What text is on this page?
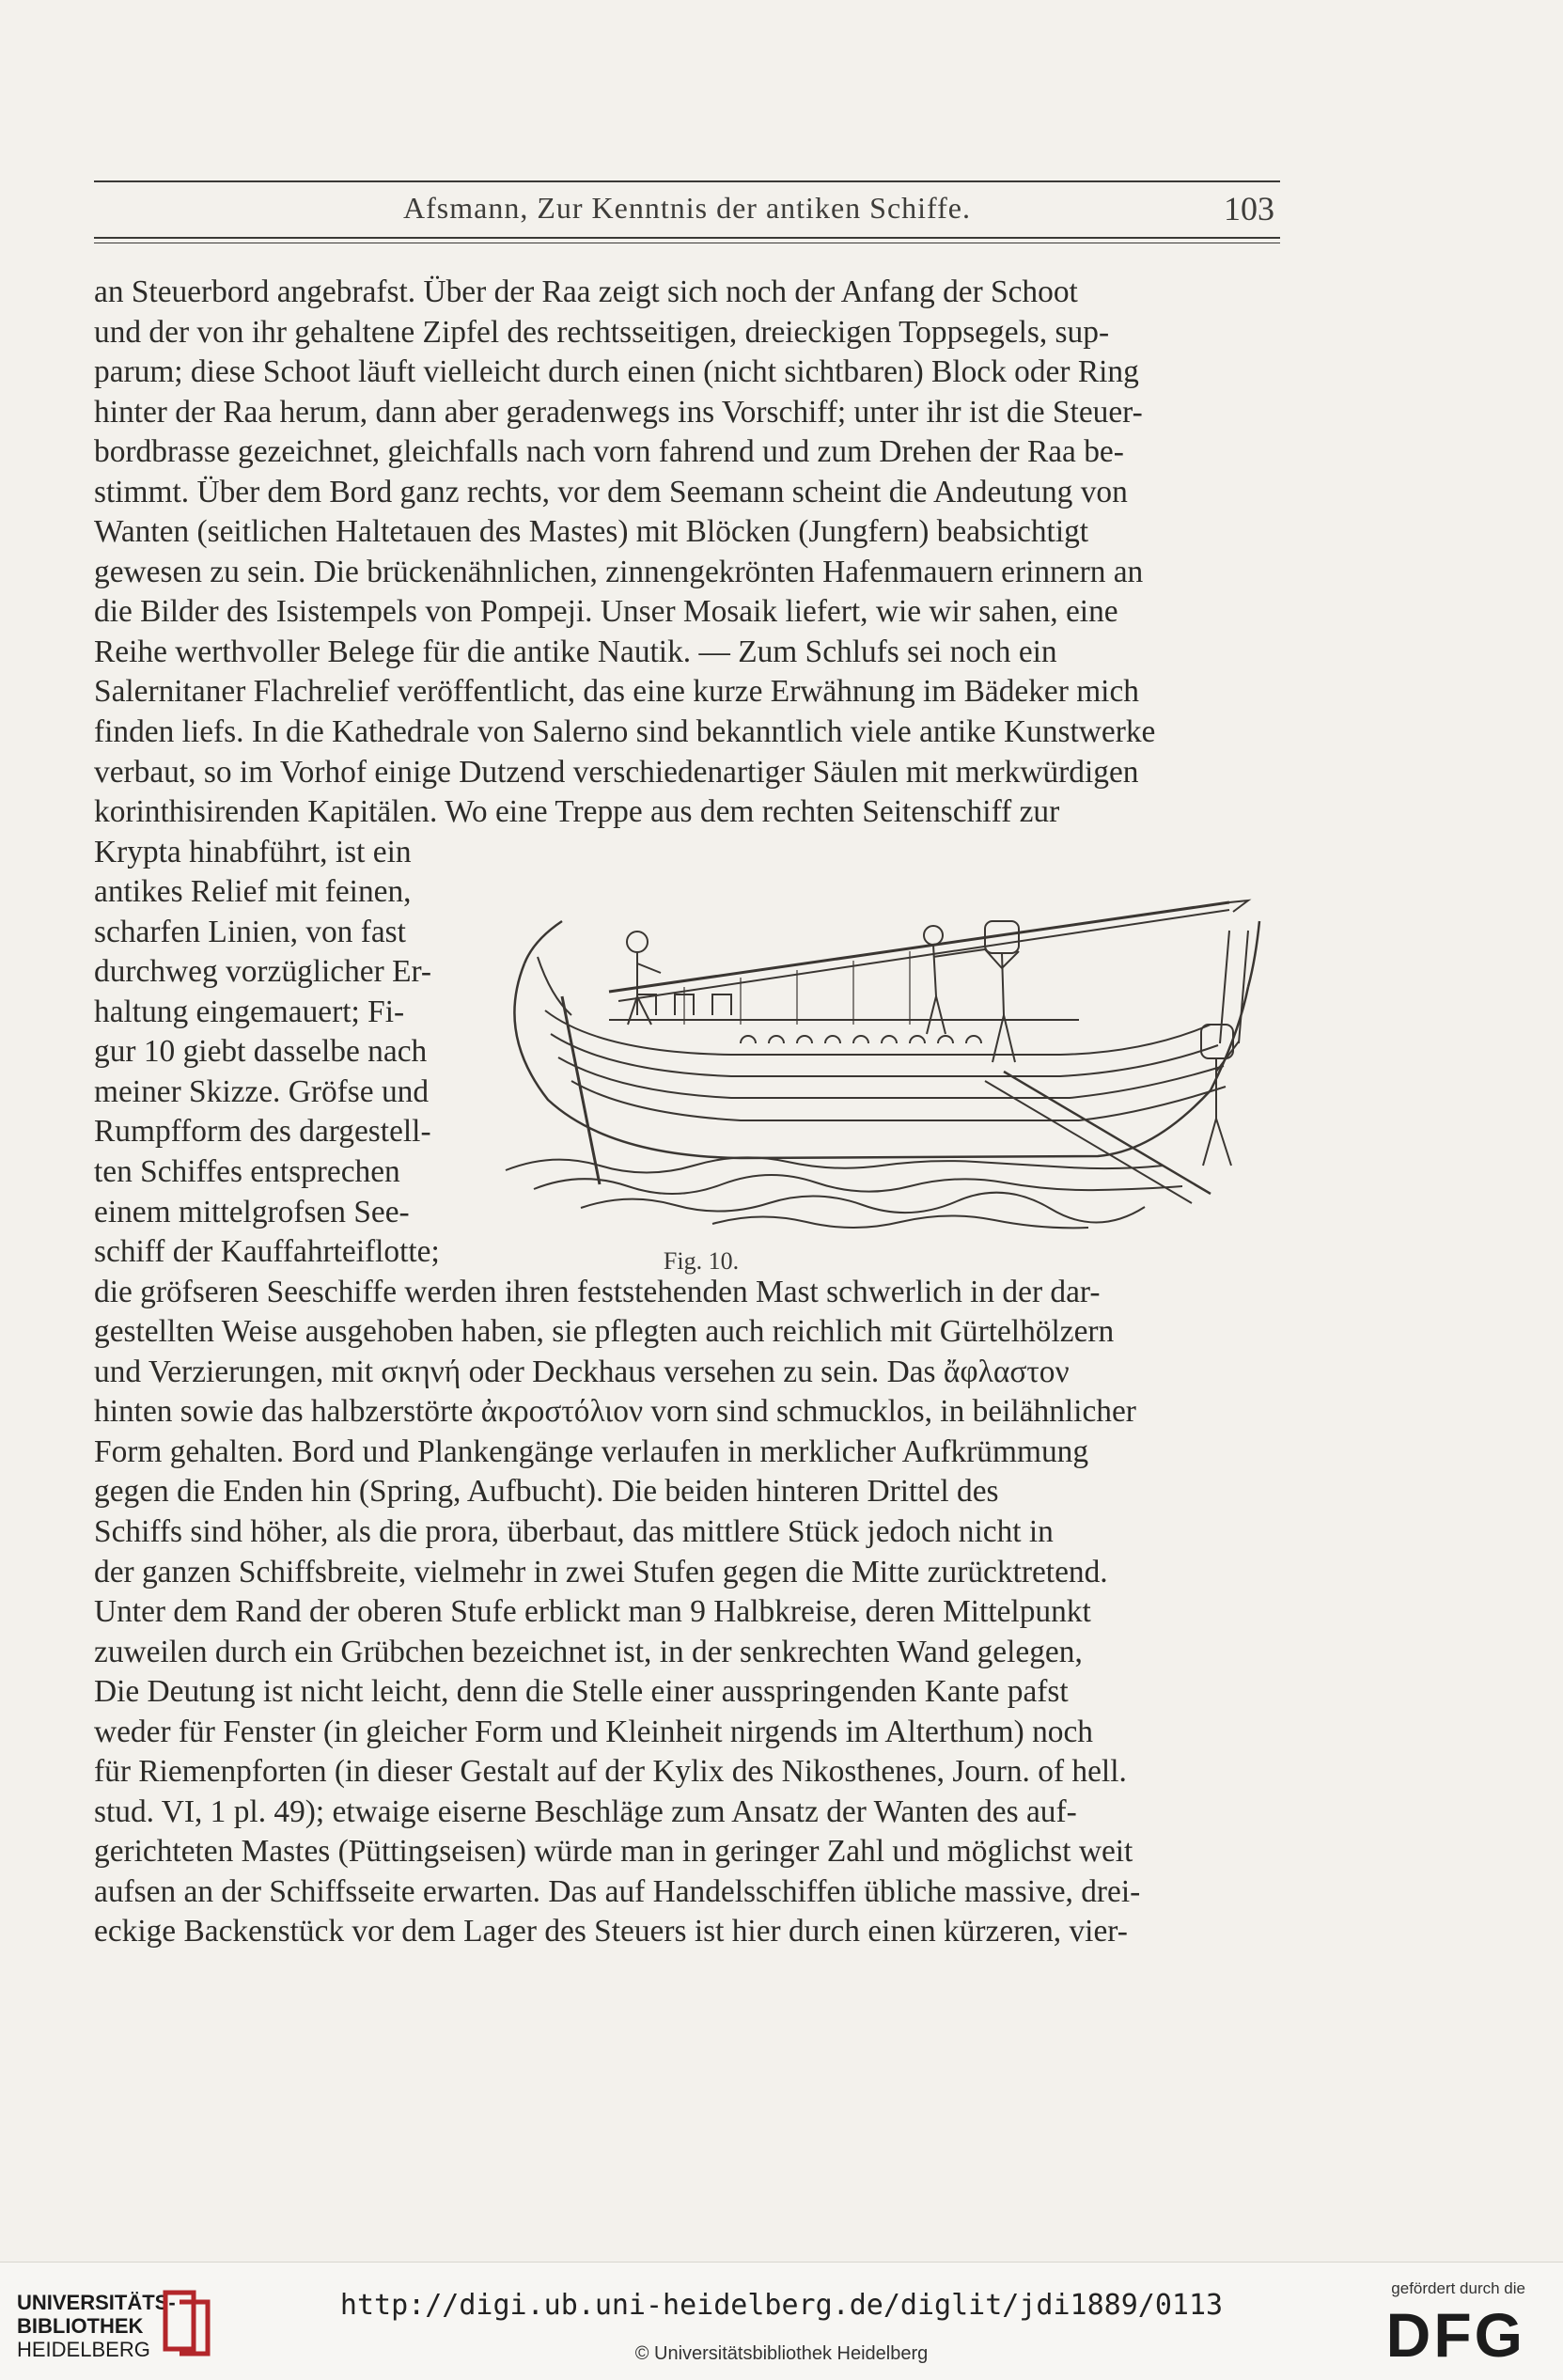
Afsmann, Zur Kenntnis der antiken Schiffe.	103

an Steuerbord angebrafst. Über der Raa zeigt sich noch der Anfang der Schoot

und der von ihr gehaltene Zipfel des rechtsseitigen, dreieckigen Toppsegels, sup-

parum; diese Schoot läuft vielleicht durch einen (nicht sichtbaren) Block oder Ring

hinter der Raa herum, dann aber geradenwegs ins Vorschiff; unter ihr ist die Steuer-

bordbrasse gezeichnet, gleichfalls nach vorn fahrend und zum Drehen der Raa be-

stimmt. Über dem Bord ganz rechts, vor dem Seemann scheint die Andeutung von

Wanten (seitlichen Haltetauen des Mastes) mit Blöcken (Jungfern) beabsichtigt

gewesen zu sein. Die brückenähnlichen, zinnengekrönten Hafenmauern erinnern an

die Bilder des Isistempels von Pompeji. Unser Mosaik liefert, wie wir sahen, eine

Reihe werthvoller Belege für die antike Nautik. — Zum Schlufs sei noch ein

Salernitaner Flachrelief veröffentlicht, das eine kurze Erwähnung im Bädeker mich

finden liefs. In die Kathedrale von Salerno sind bekanntlich viele antike Kunstwerke

verbaut, so im Vorhof einige Dutzend verschiedenartiger Säulen mit merkwürdigen

korinthisirenden Kapitälen. Wo eine Treppe aus dem rechten Seitenschiff zur

Krypta hinabführt, ist ein

antikes Relief mit feinen,

scharfen Linien, von fast

durchweg vorzüglicher Er-

haltung eingemauert; Fi-

gur 10 giebt dasselbe nach

meiner Skizze. Gröfse und

Rumpfform des dargestell-

ten Schiffes entsprechen

einem mittelgrofsen See-

schiff der Kauffahrteiflotte;

die gröfseren Seeschiffe werden ihren feststehenden Mast schwerlich in der dar-

gestellten Weise ausgehoben haben, sie pflegten auch reichlich mit Gürtelhölzern

und Verzierungen, mit σκηνή oder Deckhaus versehen zu sein. Das ἄφλαστον

hinten sowie das halbzerstörte ἀκροστόλιον vorn sind schmucklos, in beilähnlicher

Form gehalten. Bord und Plankengänge verlaufen in merklicher Aufkrümmung

gegen die Enden hin (Spring, Aufbucht). Die beiden hinteren Drittel des

Schiffs sind höher, als die prora, überbaut, das mittlere Stück jedoch nicht in

der ganzen Schiffsbreite, vielmehr in zwei Stufen gegen die Mitte zurücktretend.

Unter dem Rand der oberen Stufe erblickt man 9 Halbkreise, deren Mittelpunkt

zuweilen durch ein Grübchen bezeichnet ist, in der senkrechten Wand gelegen,

Die Deutung ist nicht leicht, denn die Stelle einer ausspringenden Kante pafst

weder für Fenster (in gleicher Form und Kleinheit nirgends im Alterthum) noch

für Riemenpforten (in dieser Gestalt auf der Kylix des Nikosthenes, Journ. of hell.

stud. VI, 1 pl. 49); etwaige eiserne Beschläge zum Ansatz der Wanten des auf-

gerichteten Mastes (Püttingseisen) würde man in geringer Zahl und möglichst weit

aufsen an der Schiffsseite erwarten. Das auf Handelsschiffen übliche massive, drei-

eckige Backenstück vor dem Lager des Steuers ist hier durch einen kürzeren, vier-

Fig. 10.
UNIVERSITÄTS-
BIBLIOTHEK
HEIDELBERG
http://digi.ub.uni-heidelberg.de/diglit/jdi1889/0113
© Universitätsbibliothek Heidelberg
gefördert durch die
DFG
